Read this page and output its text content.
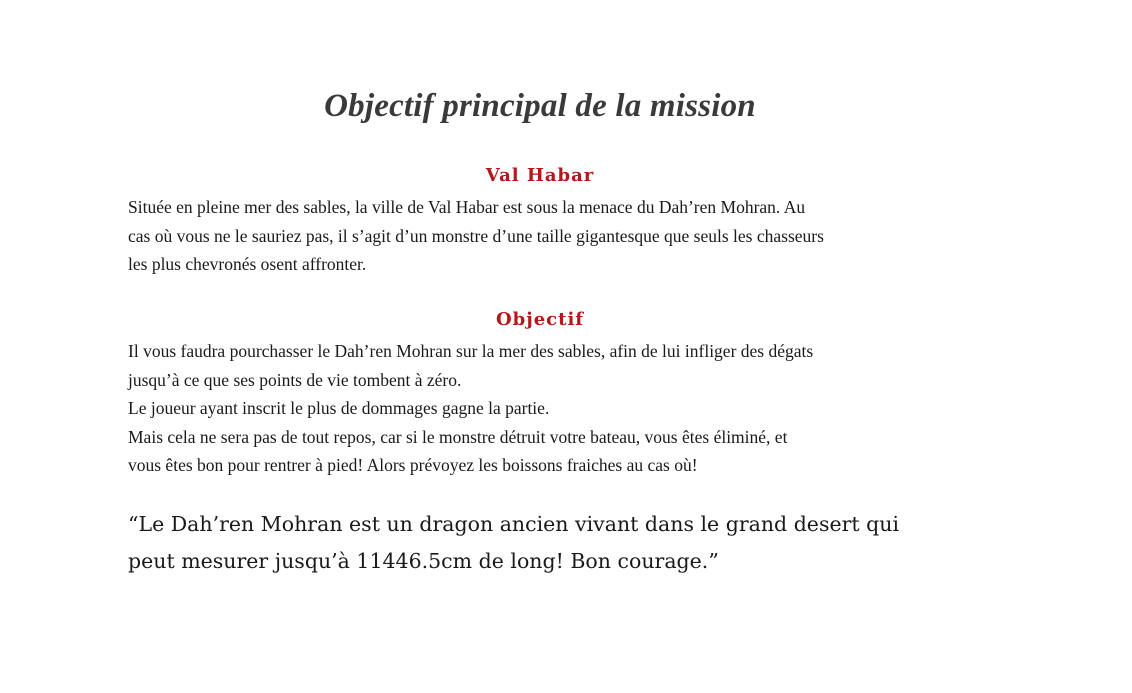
Objectif principal de la mission
Val Habar

Située en pleine mer des sables, la ville de Val Habar est sous la menace du Dah’ren Mohran. Au
cas où vous ne le sauriez pas, il s’agit d’un monstre d’une taille gigantesque que seuls les chasseurs
les plus chevronés osent affronter.

Objectif

Il vous faudra pourchasser le Dah’ren Mohran sur la mer des sables, afin de lui infliger des dégats
jusqu’à ce que ses points de vie tombent à zéro.
Le joueur ayant inscrit le plus de dommages gagne la partie.
Mais cela ne sera pas de tout repos, car si le monstre détruit votre bateau, vous êtes éliminé, et
vous êtes bon pour rentrer à pied! Alors prévoyez les boissons fraiches au cas où!

“Le Dah’ren Mohran est un dragon ancien vivant dans le grand desert qui
peut mesurer jusqu’à 11446.5cm de long! Bon courage.”
